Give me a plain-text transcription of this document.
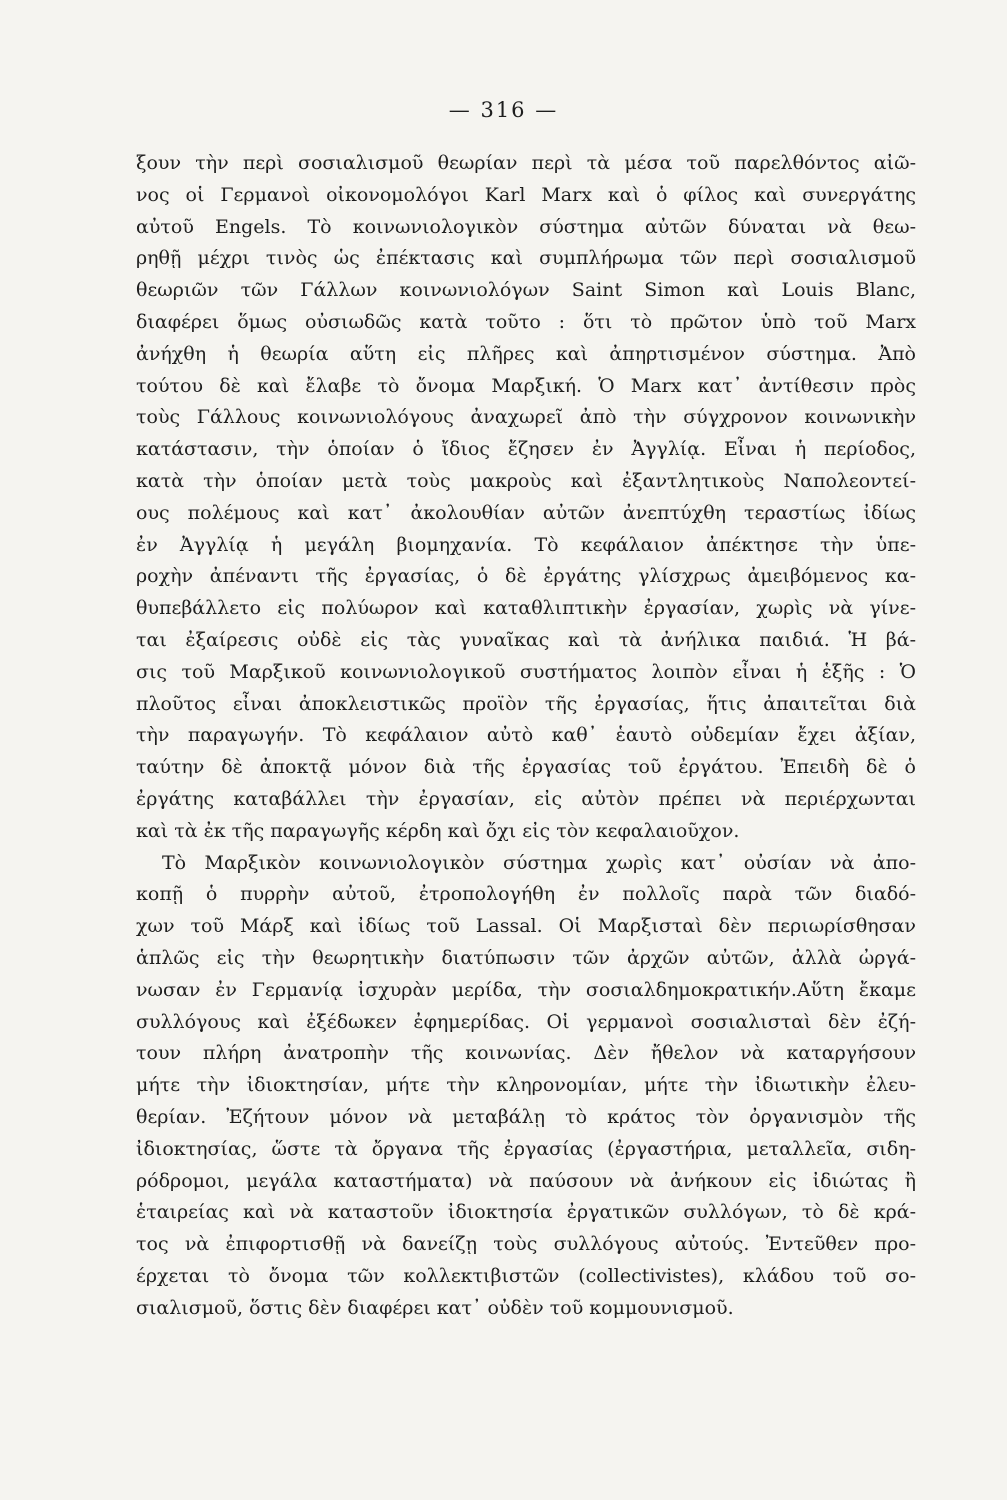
— 316 —
ξουν τὴν περὶ σοσιαλισμοῦ θεωρίαν περὶ τὰ μέσα τοῦ παρελθόντος αἰῶ-
νος οἱ Γερμανοὶ οἰκονομολόγοι Karl Marx καὶ ὁ φίλος καὶ συνεργάτης
αὐτοῦ Engels. Τὸ κοινωνιολογικὸν σύστημα αὐτῶν δύναται νὰ θεω-
ρηθῇ μέχρι τινὸς ὡς ἐπέκτασις καὶ συμπλήρωμα τῶν περὶ σοσιαλισμοῦ
θεωριῶν τῶν Γάλλων κοινωνιολόγων Saint Simon καὶ Louis Blanc,
διαφέρει ὅμως οὐσιωδῶς κατὰ τοῦτο : ὅτι τὸ πρῶτον ὑπὸ τοῦ Marx
ἀνήχθη ἡ θεωρία αὕτη εἰς πλῆρες καὶ ἀπηρτισμένον σύστημα. Ἀπὸ
τούτου δὲ καὶ ἔλαβε τὸ ὄνομα Μαρξική. Ὁ Marx κατ᾿ ἀντίθεσιν πρὸς
τοὺς Γάλλους κοινωνιολόγους ἀναχωρεῖ ἀπὸ τὴν σύγχρονον κοινωνικὴν
κατάστασιν, τὴν ὁποίαν ὁ ἴδιος ἔζησεν ἐν Ἀγγλίᾳ. Εἶναι ἡ περίοδος,
κατὰ τὴν ὁποίαν μετὰ τοὺς μακροὺς καὶ ἐξαντλητικοὺς Ναπολεοντεί-
ους πολέμους καὶ κατ᾿ ἀκολουθίαν αὐτῶν ἀνεπτύχθη τεραστίως ἰδίως
ἐν Ἀγγλίᾳ ἡ μεγάλη βιομηχανία. Τὸ κεφάλαιον ἀπέκτησε τὴν ὑπε-
ροχὴν ἀπέναντι τῆς ἐργασίας, ὁ δὲ ἐργάτης γλίσχρως ἀμειβόμενος κα-
θυπεβάλλετο εἰς πολύωρον καὶ καταθλιπτικὴν ἐργασίαν, χωρὶς νὰ γίνε-
ται ἐξαίρεσις οὐδὲ εἰς τὰς γυναῖκας καὶ τὰ ἀνήλικα παιδιά. Ἡ βά-
σις τοῦ Μαρξικοῦ κοινωνιολογικοῦ συστήματος λοιπὸν εἶναι ἡ ἑξῆς : Ὁ
πλοῦτος εἶναι ἀποκλειστικῶς προϊὸν τῆς ἐργασίας, ἥτις ἀπαιτεῖται διὰ
τὴν παραγωγήν. Τὸ κεφάλαιον αὐτὸ καθ᾿ ἑαυτὸ οὐδεμίαν ἔχει ἀξίαν,
ταύτην δὲ ἀποκτᾷ μόνον διὰ τῆς ἐργασίας τοῦ ἐργάτου. Ἐπειδὴ δὲ ὁ
ἐργάτης καταβάλλει τὴν ἐργασίαν, εἰς αὐτὸν πρέπει νὰ περιέρχωνται
καὶ τὰ ἐκ τῆς παραγωγῆς κέρδη καὶ ὄχι εἰς τὸν κεφαλαιοῦχον.
Τὸ Μαρξικὸν κοινωνιολογικὸν σύστημα χωρὶς κατ᾿ οὐσίαν νὰ ἀπο-
κοπῇ ὁ πυρρὴν αὐτοῦ, ἐτροπολογήθη ἐν πολλοῖς παρὰ τῶν διαδό-
χων τοῦ Μάρξ καὶ ἰδίως τοῦ Lassal. Οἱ Μαρξισταὶ δὲν περιωρίσθησαν
ἁπλῶς εἰς τὴν θεωρητικὴν διατύπωσιν τῶν ἀρχῶν αὐτῶν, ἀλλὰ ὠργά-
νωσαν ἐν Γερμανίᾳ ἰσχυρὰν μερίδα, τὴν σοσιαλδημοκρατικήν.Αὕτη ἔκαμε
συλλόγους καὶ ἐξέδωκεν ἐφημερίδας. Οἱ γερμανοὶ σοσιαλισταὶ δὲν ἐζή-
τουν πλήρη ἀνατροπὴν τῆς κοινωνίας. Δὲν ἤθελον νὰ καταργήσουν
μήτε τὴν ἰδιοκτησίαν, μήτε τὴν κληρονομίαν, μήτε τὴν ἰδιωτικὴν ἐλευ-
θερίαν. Ἐζήτουν μόνον νὰ μεταβάλῃ τὸ κράτος τὸν ὀργανισμὸν τῆς
ἰδιοκτησίας, ὥστε τὰ ὄργανα τῆς ἐργασίας (ἐργαστήρια, μεταλλεῖα, σιδη-
ρόδρομοι, μεγάλα καταστήματα) νὰ παύσουν νὰ ἀνήκουν εἰς ἰδιώτας ἢ
ἑταιρείας καὶ νὰ καταστοῦν ἰδιοκτησία ἐργατικῶν συλλόγων, τὸ δὲ κρά-
τος νὰ ἐπιφορτισθῇ νὰ δανείζῃ τοὺς συλλόγους αὐτούς. Ἐντεῦθεν προ-
έρχεται τὸ ὄνομα τῶν κολλεκτιβιστῶν (collectivistes), κλάδου τοῦ σο-
σιαλισμοῦ, ὅστις δὲν διαφέρει κατ᾿ οὐδὲν τοῦ κομμουνισμοῦ.
